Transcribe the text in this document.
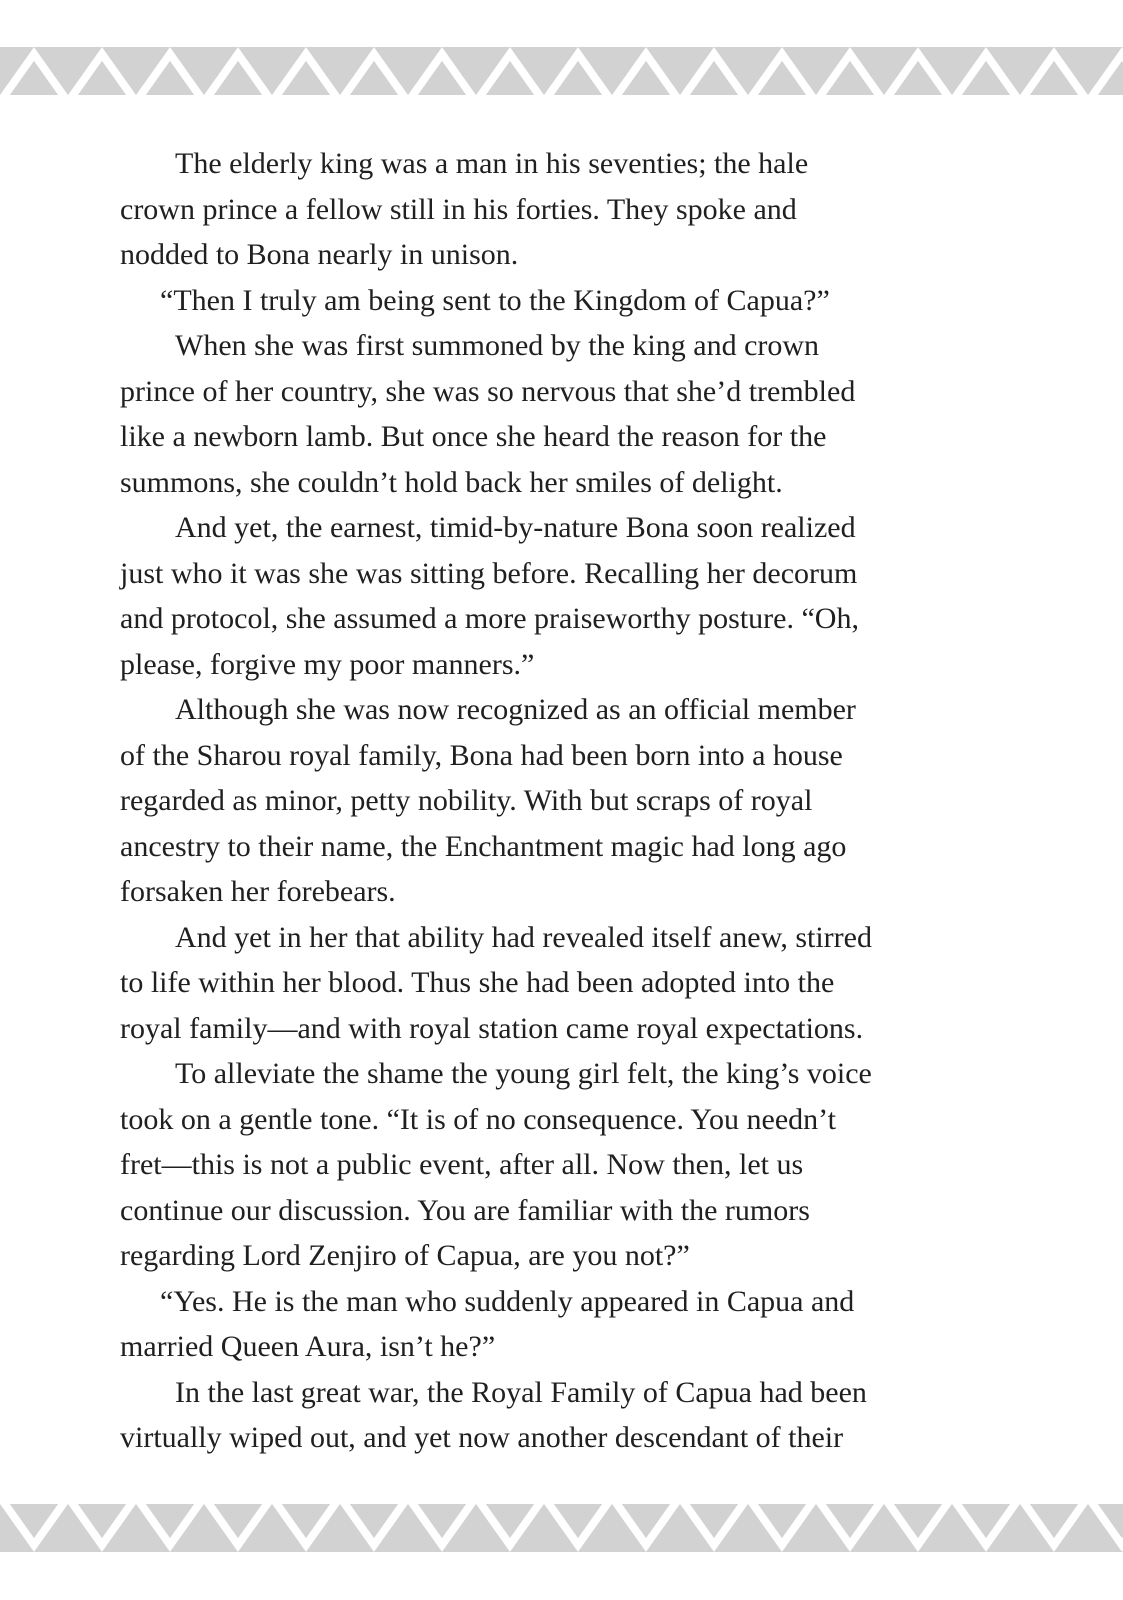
The elderly king was a man in his seventies; the hale
crown prince a fellow still in his forties. They spoke and
nodded to Bona nearly in unison.
“Then I truly am being sent to the Kingdom of Capua?”
When she was first summoned by the king and crown
prince of her country, she was so nervous that she’d trembled
like a newborn lamb. But once she heard the reason for the
summons, she couldn’t hold back her smiles of delight.
And yet, the earnest, timid-by-nature Bona soon realized
just who it was she was sitting before. Recalling her decorum
and protocol, she assumed a more praiseworthy posture. “Oh,
please, forgive my poor manners.”
Although she was now recognized as an official member
of the Sharou royal family, Bona had been born into a house
regarded as minor, petty nobility. With but scraps of royal
ancestry to their name, the Enchantment magic had long ago
forsaken her forebears.
And yet in her that ability had revealed itself anew, stirred
to life within her blood. Thus she had been adopted into the
royal family—and with royal station came royal expectations.
To alleviate the shame the young girl felt, the king’s voice
took on a gentle tone. “It is of no consequence. You needn’t
fret—this is not a public event, after all. Now then, let us
continue our discussion. You are familiar with the rumors
regarding Lord Zenjiro of Capua, are you not?”
“Yes. He is the man who suddenly appeared in Capua and
married Queen Aura, isn’t he?”
In the last great war, the Royal Family of Capua had been
virtually wiped out, and yet now another descendant of their
